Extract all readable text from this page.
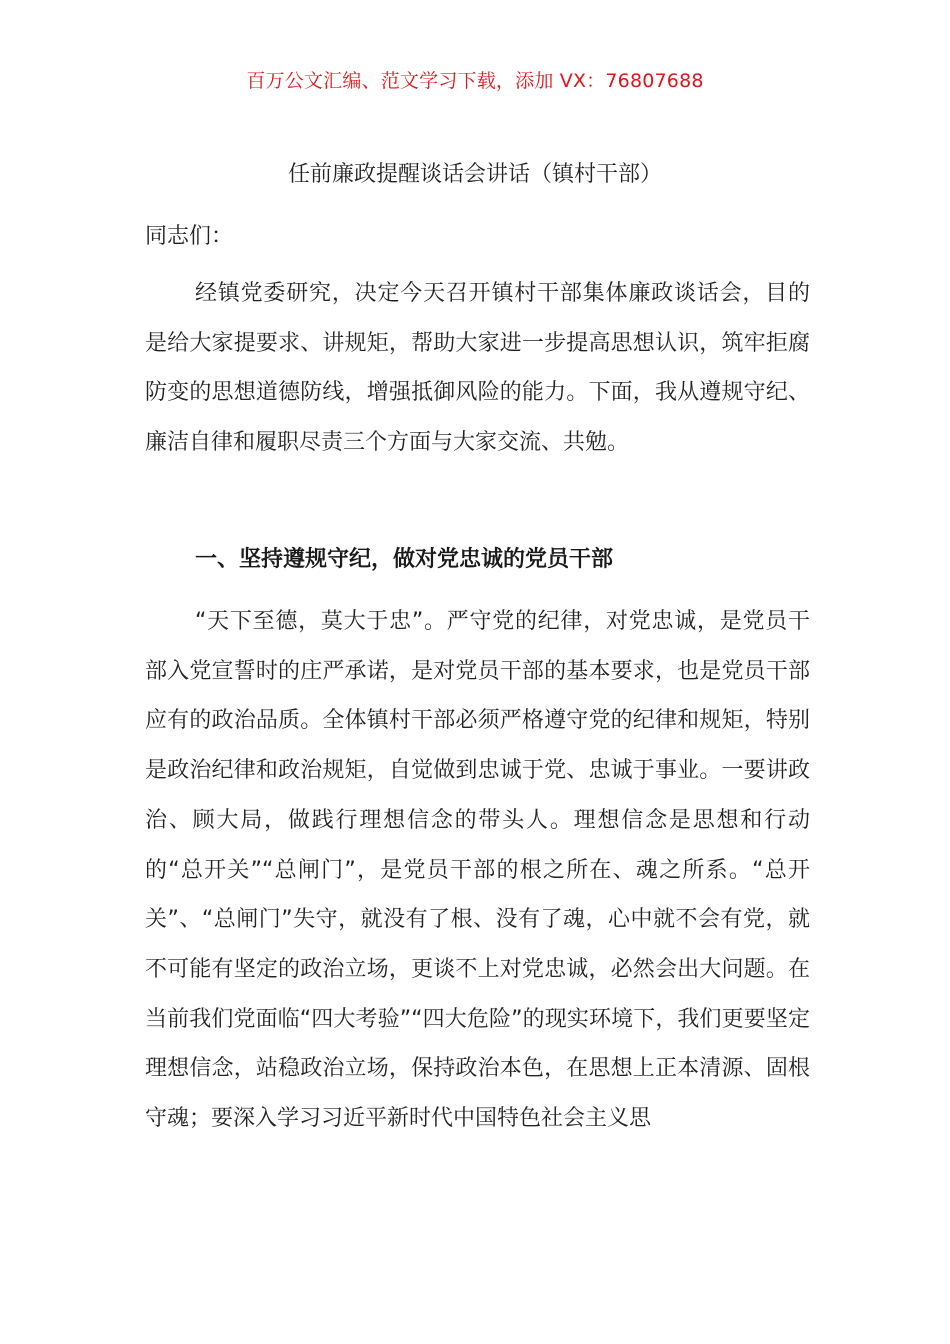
百万公文汇编、范文学习下载，添加 VX：76807688
任前廉政提醒谈话会讲话（镇村干部）
同志们：

经镇党委研究，决定今天召开镇村干部集体廉政谈话会，目的是给大家提要求、讲规矩，帮助大家进一步提高思想认识，筑牢拒腐防变的思想道德防线，增强抵御风险的能力。下面，我从遵规守纪、廉洁自律和履职尽责三个方面与大家交流、共勉。

一、坚持遵规守纪，做对党忠诚的党员干部

“天下至德，莫大于忠”。严守党的纪律，对党忠诚，是党员干部入党宣誓时的庄严承诺，是对党员干部的基本要求，也是党员干部应有的政治品质。全体镇村干部必须严格遵守党的纪律和规矩，特别是政治纪律和政治规矩，自觉做到忠诚于党、忠诚于事业。一要讲政治、顾大局，做践行理想信念的带头人。理想信念是思想和行动的“总开关”“总闸门”，是党员干部的根之所在、魂之所系。“总开关”、“总闸门”失守，就没有了根、没有了魂，心中就不会有党，就不可能有坚定的政治立场，更谈不上对党忠诚，必然会出大问题。在当前我们党面临“四大考验”“四大危险”的现实环境下，我们更要坚定理想信念，站稳政治立场，保持政治本色，在思想上正本清源、固根守魂；要深入学习习近平新时代中国特色社会主义思
